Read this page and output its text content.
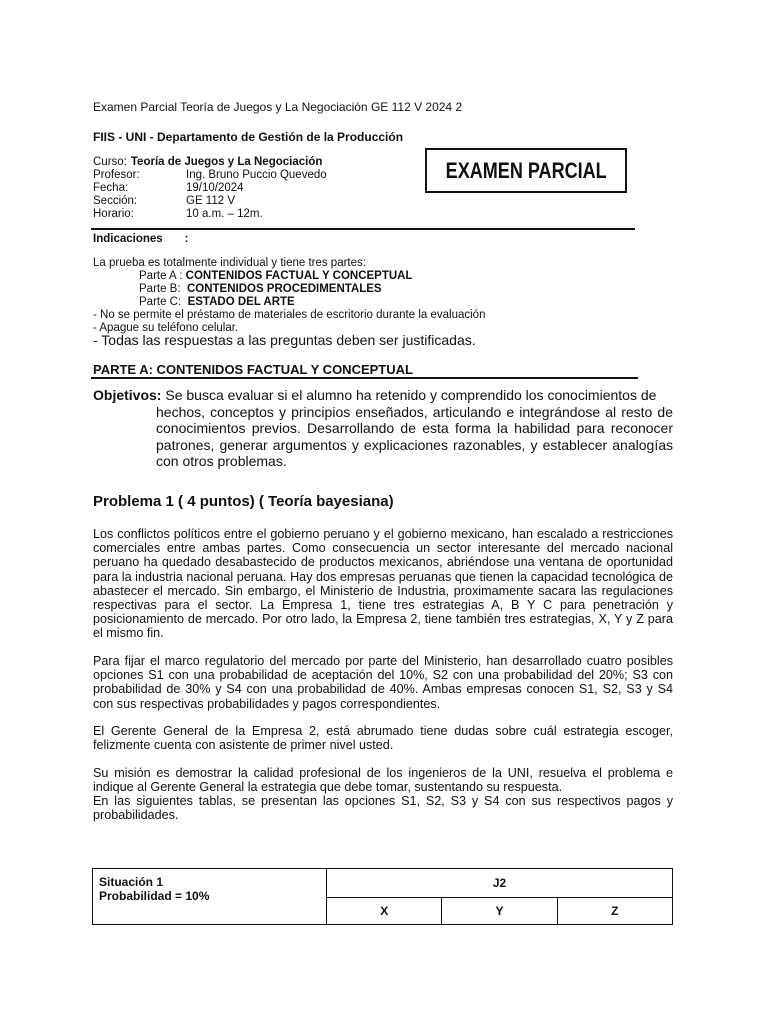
Examen Parcial Teoría de Juegos y La Negociación GE 112 V 2024 2
FIIS - UNI - Departamento de Gestión de la Producción
Curso: Teoría de Juegos y La Negociación
Profesor:	Ing. Bruno Puccio Quevedo
Fecha:	19/10/2024
Sección:	GE 112 V
Horario:	10 a.m. – 12m.
EXAMEN PARCIAL
Indicaciones :
La prueba es totalmente individual y tiene tres partes:
Parte A : CONTENIDOS FACTUAL Y CONCEPTUAL
Parte B:  CONTENIDOS PROCEDIMENTALES
Parte C:  ESTADO DEL ARTE
- No se permite el préstamo de materiales de escritorio durante la evaluación
- Apague su teléfono celular.
- Todas las respuestas a las preguntas deben ser justificadas.
PARTE A: CONTENIDOS FACTUAL Y CONCEPTUAL
Objetivos: Se busca evaluar si el alumno ha retenido y comprendido los conocimientos de
hechos, conceptos y principios enseñados, articulando e integrándose al resto de conocimientos previos. Desarrollando de esta forma la habilidad para reconocer patrones, generar argumentos y explicaciones razonables, y establecer analogías con otros problemas.
Problema 1 ( 4 puntos) ( Teoría bayesiana)
Los conflictos políticos entre el gobierno peruano y el gobierno mexicano, han escalado a restricciones comerciales entre ambas partes. Como consecuencia un sector interesante del mercado nacional peruano ha quedado desabastecido de productos mexicanos, abriéndose una ventana de oportunidad para la industria nacional peruana. Hay dos empresas peruanas que tienen la capacidad tecnológica de abastecer el mercado. Sin embargo, el Ministerio de Industria, proximamente sacara las regulaciones respectivas para el sector. La Empresa 1, tiene tres estrategias A, B Y C para penetración y posicionamiento de mercado. Por otro lado, la Empresa 2, tiene también tres estrategias, X, Y y Z para el mismo fin.
Para fijar el marco regulatorio del mercado por parte del Ministerio, han desarrollado cuatro posibles opciones S1 con una probabilidad de aceptación del 10%, S2 con una probabilidad del 20%; S3 con probabilidad de 30% y S4 con una probabilidad de 40%. Ambas empresas conocen S1, S2, S3 y S4 con sus respectivas probabilidades y pagos correspondientes.
El Gerente General de la Empresa 2, está abrumado tiene dudas sobre cuál estrategia escoger, felizmente cuenta con asistente de primer nivel usted.
Su misión es demostrar la calidad profesional de los ingenieros de la UNI, resuelva el problema e indique al Gerente General la estrategia que debe tomar, sustentando su respuesta.
En las siguientes tablas, se presentan las opciones S1, S2, S3 y S4 con sus respectivos pagos y probabilidades.
Situación 1
Probabilidad = 10%	J2		
	X	Y	Z
